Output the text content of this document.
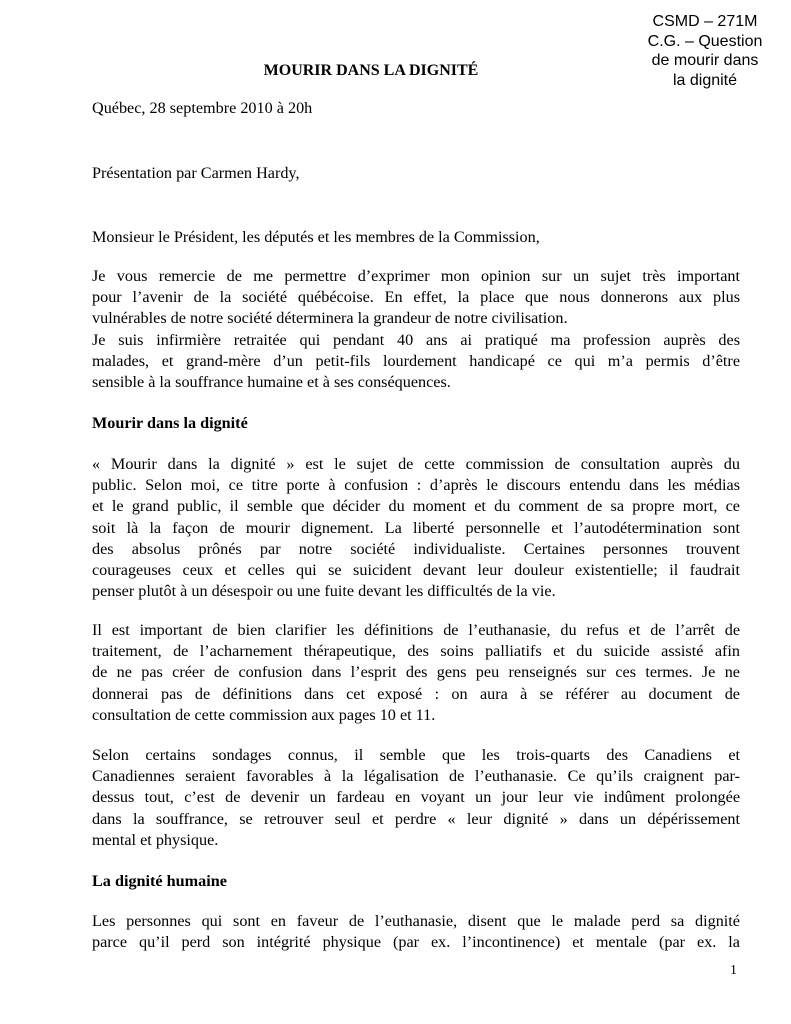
CSMD – 271M
C.G. – Question
de mourir dans
la dignité
MOURIR DANS LA DIGNITÉ
Québec, 28 septembre 2010 à 20h
Présentation par Carmen Hardy,
Monsieur le Président, les députés et les membres de la Commission,
Je vous remercie de me permettre d’exprimer mon opinion sur un sujet très important
pour l’avenir de la société québécoise. En effet, la place que nous donnerons aux plus
vulnérables de notre société déterminera la grandeur de notre civilisation.
Je suis infirmière retraitée qui pendant 40 ans ai pratiqué ma profession auprès des
malades, et grand-mère d’un petit-fils lourdement handicapé ce qui m’a permis d’être
sensible à la souffrance humaine et à ses conséquences.
Mourir dans la dignité
« Mourir dans la dignité » est le sujet de cette commission de consultation auprès du
public. Selon moi, ce titre porte à confusion : d’après le discours entendu dans les médias
et le grand public, il semble que décider du moment et du comment de sa propre mort, ce
soit là la façon de mourir dignement. La liberté personnelle et l’autodétermination sont
des absolus prônés par notre société individualiste. Certaines personnes trouvent
courageuses ceux et celles qui se suicident devant leur douleur existentielle; il faudrait
penser plutôt à un désespoir ou une fuite devant les difficultés de la vie.
Il est important de bien clarifier les définitions de l’euthanasie, du refus et de l’arrêt de
traitement, de l’acharnement thérapeutique, des soins palliatifs et du suicide assisté afin
de ne pas créer de confusion dans l’esprit des gens peu renseignés sur ces termes. Je ne
donnerai pas de définitions dans cet exposé : on aura à se référer au document de
consultation de cette commission aux pages 10 et 11.
Selon certains sondages connus, il semble que les trois-quarts des Canadiens et
Canadiennes seraient favorables à la légalisation de l’euthanasie. Ce qu’ils craignent par-
dessus tout, c’est de devenir un fardeau en voyant un jour leur vie indûment prolongée
dans la souffrance, se retrouver seul et perdre « leur dignité » dans un dépérissement
mental et physique.
La dignité humaine
Les personnes qui sont en faveur de l’euthanasie, disent que le malade perd sa dignité
parce qu’il perd son intégrité physique (par ex. l’incontinence) et mentale (par ex. la
1
